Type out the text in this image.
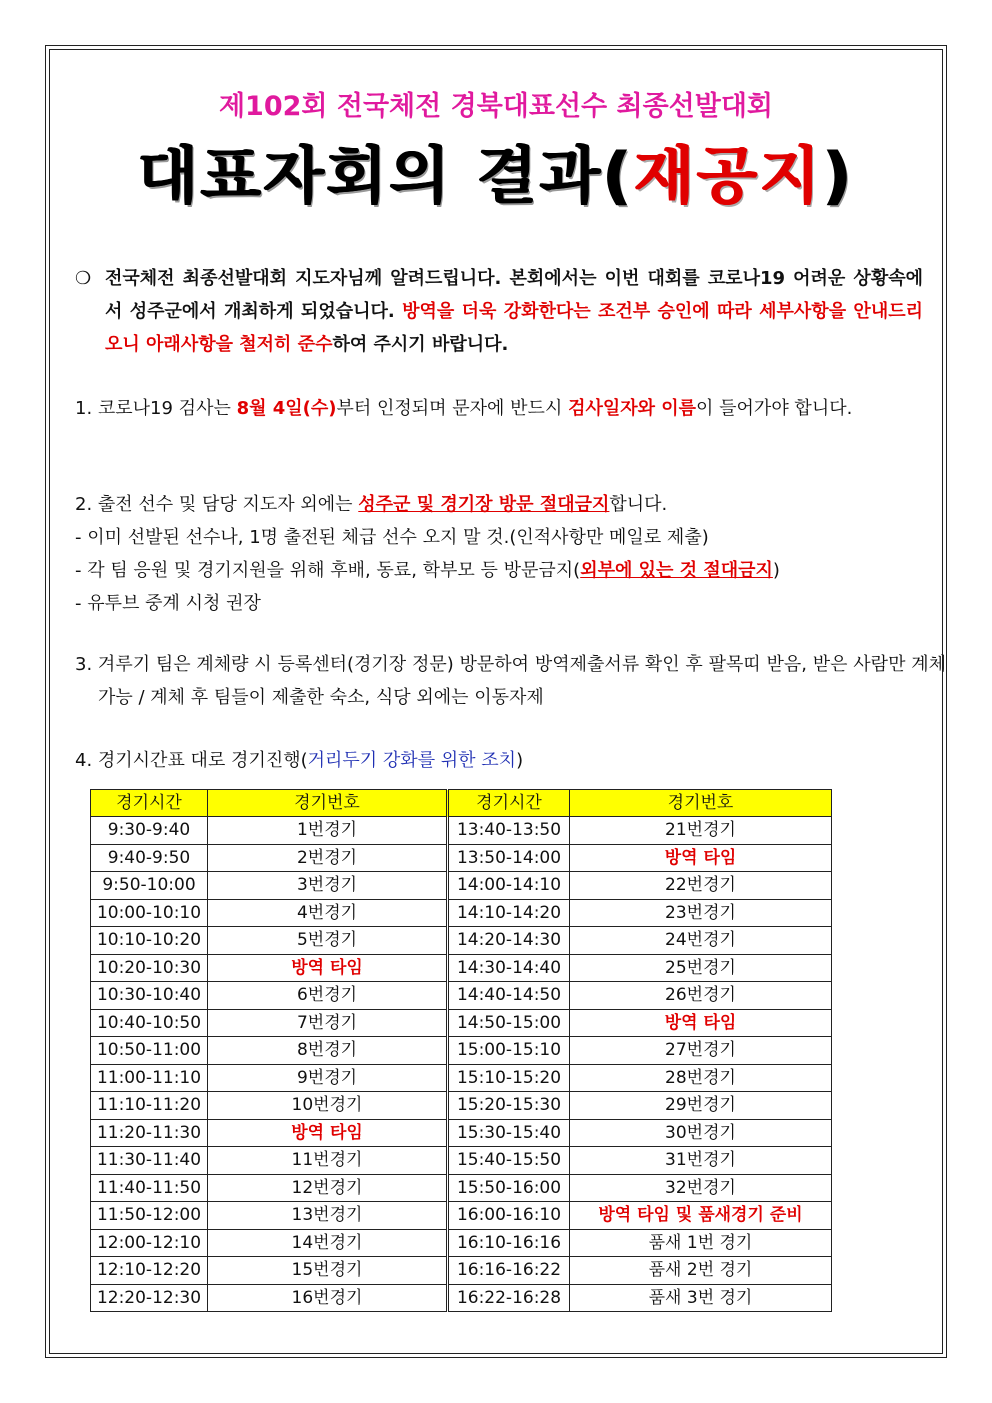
제102회 전국체전 경북대표선수 최종선발대회
대표자회의 결과(재공지)
❍ 전국체전 최종선발대회 지도자님께 알려드립니다. 본회에서는 이번 대회를 코로나19 어려운 상황속에서 성주군에서 개최하게 되었습니다. 방역을 더욱 강화한다는 조건부 승인에 따라 세부사항을 안내드리오니 아래사항을 철저히 준수하여 주시기 바랍니다.
1. 코로나19 검사는 8월 4일(수)부터 인정되며 문자에 반드시 검사일자와 이름이 들어가야 합니다.
2. 출전 선수 및 담당 지도자 외에는 성주군 및 경기장 방문 절대금지합니다.
- 이미 선발된 선수나, 1명 출전된 체급 선수 오지 말 것.(인적사항만 메일로 제출)
- 각 팀 응원 및 경기지원을 위해 후배, 동료, 학부모 등 방문금지(외부에 있는 것 절대금지)
- 유투브 중계 시청 권장
3. 겨루기 팀은 계체량 시 등록센터(경기장 정문) 방문하여 방역제출서류 확인 후 팔목띠 받음, 받은 사람만 계체가능 / 계체 후 팀들이 제출한 숙소, 식당 외에는 이동자제
4. 경기시간표 대로 경기진행(거리두기 강화를 위한 조치)
경기시간	경기번호	경기시간	경기번호
9:30-9:40	1번경기	13:40-13:50	21번경기
9:40-9:50	2번경기	13:50-14:00	방역 타임
9:50-10:00	3번경기	14:00-14:10	22번경기
10:00-10:10	4번경기	14:10-14:20	23번경기
10:10-10:20	5번경기	14:20-14:30	24번경기
10:20-10:30	방역 타임	14:30-14:40	25번경기
10:30-10:40	6번경기	14:40-14:50	26번경기
10:40-10:50	7번경기	14:50-15:00	방역 타임
10:50-11:00	8번경기	15:00-15:10	27번경기
11:00-11:10	9번경기	15:10-15:20	28번경기
11:10-11:20	10번경기	15:20-15:30	29번경기
11:20-11:30	방역 타임	15:30-15:40	30번경기
11:30-11:40	11번경기	15:40-15:50	31번경기
11:40-11:50	12번경기	15:50-16:00	32번경기
11:50-12:00	13번경기	16:00-16:10	방역 타임 및 품새경기 준비
12:00-12:10	14번경기	16:10-16:16	품새 1번 경기
12:10-12:20	15번경기	16:16-16:22	품새 2번 경기
12:20-12:30	16번경기	16:22-16:28	품새 3번 경기
